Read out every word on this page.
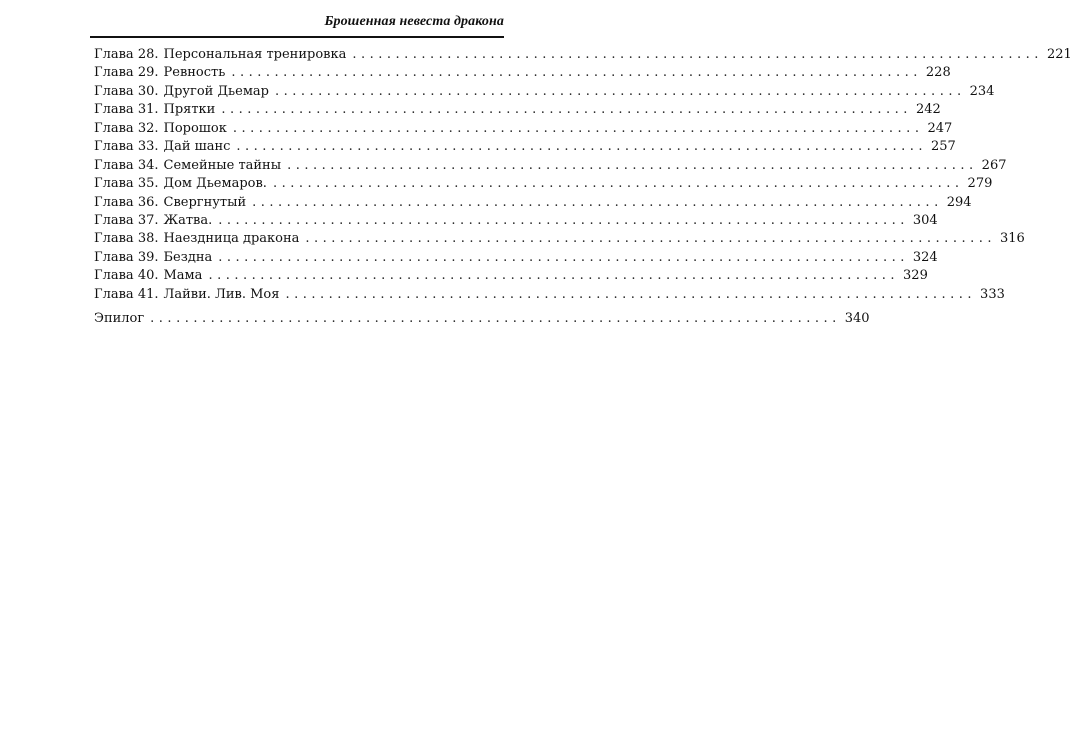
Брошенная невеста дракона
Глава 28. Персональная тренировка ................................................................................ 221
Глава 29. Ревность ................................................................................ 228
Глава 30. Другой Дьемар ................................................................................ 234
Глава 31. Прятки ................................................................................ 242
Глава 32. Порошок ................................................................................ 247
Глава 33. Дай шанс ................................................................................ 257
Глава 34. Семейные тайны ................................................................................ 267
Глава 35. Дом Дьемаров. ................................................................................ 279
Глава 36. Свергнутый ................................................................................ 294
Глава 37. Жатва. ................................................................................ 304
Глава 38. Наездница дракона ................................................................................ 316
Глава 39. Бездна ................................................................................ 324
Глава 40. Мама ................................................................................ 329
Глава 41. Лайви. Лив. Моя ................................................................................ 333
Эпилог ................................................................................ 340
